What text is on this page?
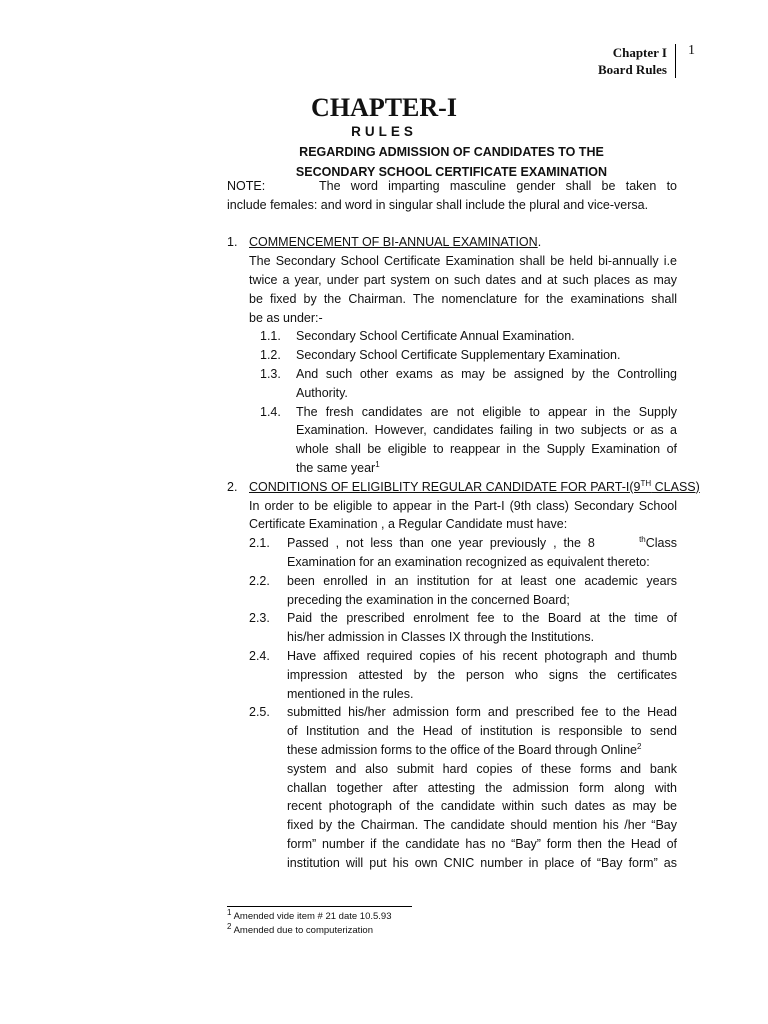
Chapter I
Board Rules
1
CHAPTER-I
RULES
REGARDING ADMISSION OF CANDIDATES TO THE
SECONDARY SCHOOL CERTIFICATE EXAMINATION
NOTE:	The word imparting masculine gender shall be taken to
include females: and word in singular shall include the plural and vice-versa.
1. COMMENCEMENT OF BI-ANNUAL EXAMINATION.
The Secondary School Certificate Examination shall be held bi-annually i.e
twice a year, under part system on such dates and at such places as may
be fixed by the Chairman. The nomenclature for the examinations shall
be as under:-
1.1.	Secondary School Certificate Annual Examination.
1.2.	Secondary School Certificate Supplementary Examination.
1.3.	And such other exams as may be assigned by the Controlling
Authority.
1.4.	The fresh candidates are not eligible to appear in the Supply
Examination. However, candidates failing in two subjects or as a
whole shall be eligible to reappear in the Supply Examination of
the same year$^1$
2. CONDITIONS OF ELIGIBLITY REGULAR CANDIDATE FOR PART-I(9TH CLASS)
In order to be eligible to appear in the Part-I (9th class) Secondary School
Certificate Examination , a Regular Candidate must have:
2.1.	Passed  ,  not  less  than  one  year  previously  ,  the  8	$^{th}$Class
Examination for an examination recognized as equivalent thereto:
2.2.	been enrolled in an institution for at least one academic years
preceding the examination in the concerned Board;
2.3.	Paid the prescribed enrolment fee to the Board at the time of
his/her admission in Classes IX through the Institutions.
2.4.	Have affixed required copies of his recent photograph and thumb
impression attested by the person who signs the certificates
mentioned in the rules.
2.5.	submitted his/her admission form and prescribed fee to the Head
of Institution and the Head of institution is responsible to send
these admission forms to the office of the Board through Online$^2$
system and also submit hard copies of these forms and bank
challan together after attesting the admission form along with
recent photograph of the candidate within such dates as may be
fixed by the Chairman. The candidate should mention his /her “Bay
form” number if the candidate has no “Bay” form then the Head of
institution will put his own CNIC number in place of “Bay form” as
$^1$ Amended vide item # 21 date 10.5.93
$^2$ Amended due to computerization
